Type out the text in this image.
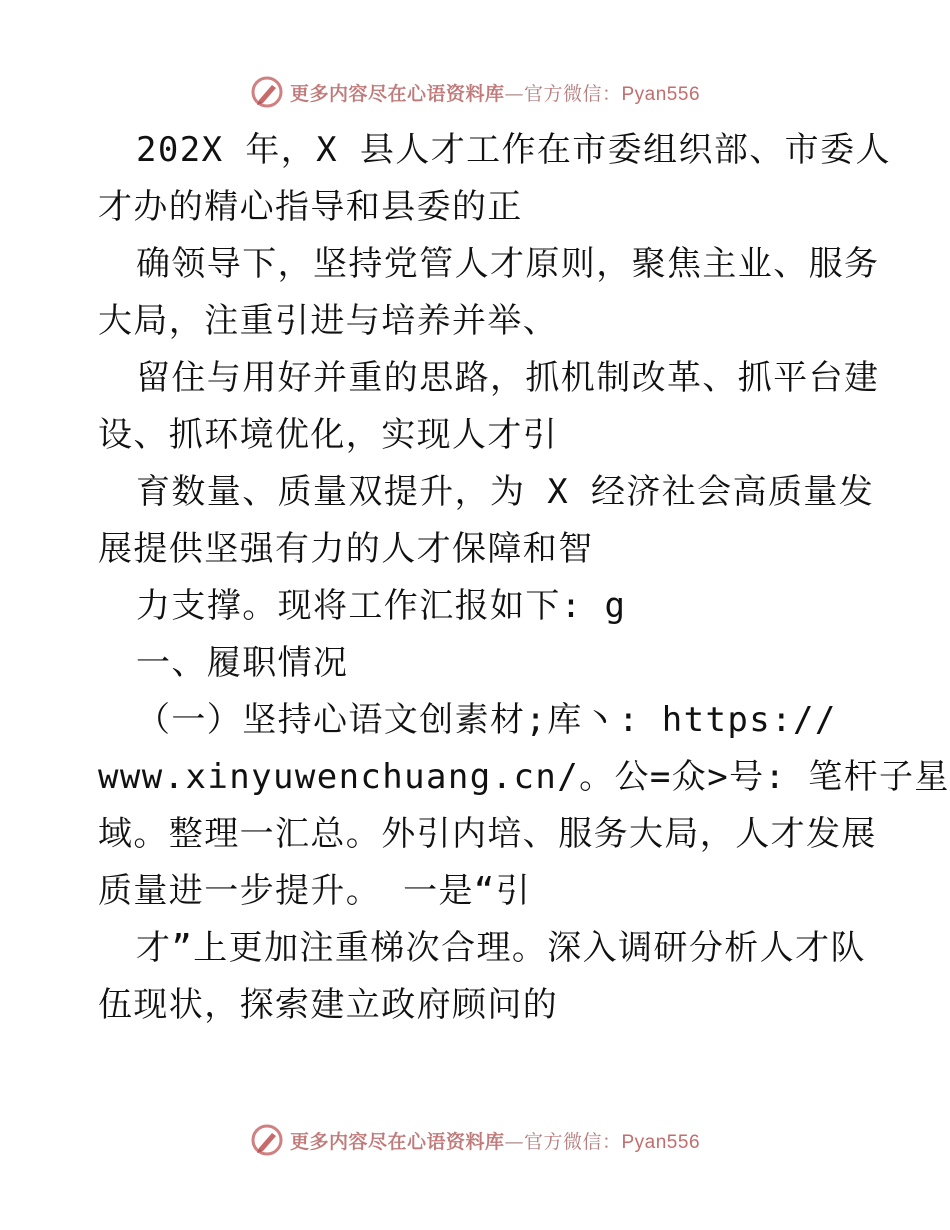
更多内容尽在心语资料库—官方微信：Pyan556
202X 年，X 县人才工作在市委组织部、市委人
才办的精心指导和县委的正
确领导下，坚持党管人才原则，聚焦主业、服务
大局，注重引进与培养并举、
留住与用好并重的思路，抓机制改革、抓平台建
设、抓环境优化，实现人才引
育数量、质量双提升，为 X 经济社会高质量发
展提供坚强有力的人才保障和智
力支撑。现将工作汇报如下: g
一、履职情况
（一）坚持心语文创素材;库丶: https://
www.xinyuwenchuang.cn/。公=众>号: 笔杆子星
域。整理一汇总。外引内培、服务大局，人才发展
质量进一步提升。 一是“引
才”上更加注重梯次合理。深入调研分析人才队
伍现状，探索建立政府顾问的
更多内容尽在心语资料库—官方微信：Pyan556
